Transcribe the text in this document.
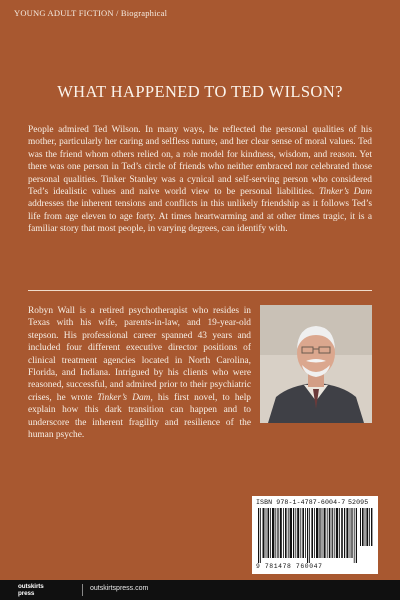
YOUNG ADULT FICTION / Biographical
WHAT HAPPENED TO TED WILSON?
People admired Ted Wilson. In many ways, he reflected the personal qualities of his mother, particularly her caring and selfless nature, and her clear sense of moral values. Ted was the friend whom others relied on, a role model for kindness, wisdom, and reason. Yet there was one person in Ted’s circle of friends who neither embraced nor celebrated those personal qualities. Tinker Stanley was a cynical and self-serving person who considered Ted’s idealistic values and naive world view to be personal liabilities. Tinker’s Dam addresses the inherent tensions and conflicts in this unlikely friendship as it follows Ted’s life from age eleven to age forty. At times heartwarming and at other times tragic, it is a familiar story that most people, in varying degrees, can identify with.
Robyn Wall is a retired psychotherapist who resides in Texas with his wife, parents-in-law, and 19-year-old stepson. His professional career spanned 43 years and included four different executive director positions of clinical treatment agencies located in North Carolina, Florida, and Indiana. Intrigued by his clients who were reasoned, successful, and admired prior to their psychiatric crises, he wrote Tinker’s Dam, his first novel, to help explain how this dark transition can happen and to underscore the inherent fragility and resilience of the human psyche.
ISBN 978-1-4787-6004-7 52095
9 781478 760047
outskirts
press
outskirtspress.com
